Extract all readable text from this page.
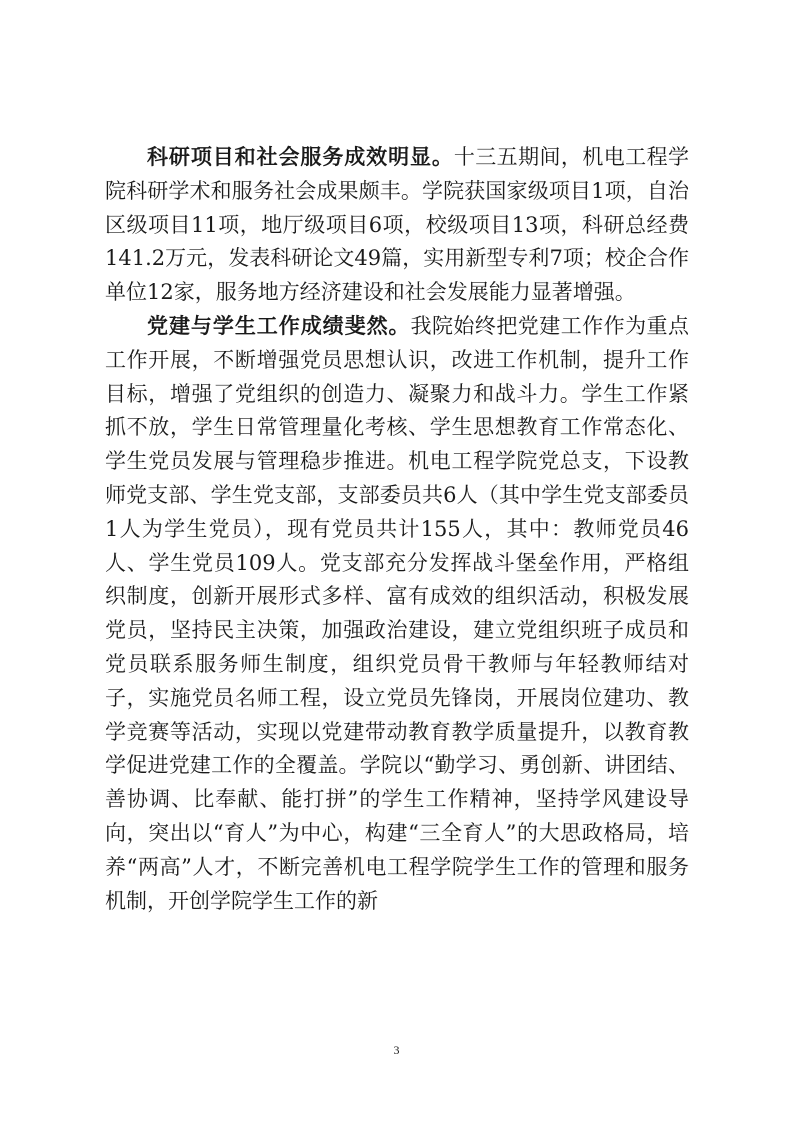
科研项目和社会服务成效明显。十三五期间，机电工程学院科研学术和服务社会成果颇丰。学院获国家级项目1项，自治区级项目11项，地厅级项目6项，校级项目13项，科研总经费141.2万元，发表科研论文49篇，实用新型专利7项；校企合作单位12家，服务地方经济建设和社会发展能力显著增强。

党建与学生工作成绩斐然。我院始终把党建工作作为重点工作开展，不断增强党员思想认识，改进工作机制，提升工作目标，增强了党组织的创造力、凝聚力和战斗力。学生工作紧抓不放，学生日常管理量化考核、学生思想教育工作常态化、学生党员发展与管理稳步推进。机电工程学院党总支，下设教师党支部、学生党支部，支部委员共6人（其中学生党支部委员1人为学生党员），现有党员共计155人，其中：教师党员46人、学生党员109人。党支部充分发挥战斗堡垒作用，严格组织制度，创新开展形式多样、富有成效的组织活动，积极发展党员，坚持民主决策，加强政治建设，建立党组织班子成员和党员联系服务师生制度，组织党员骨干教师与年轻教师结对子，实施党员名师工程，设立党员先锋岗，开展岗位建功、教学竞赛等活动，实现以党建带动教育教学质量提升，以教育教学促进党建工作的全覆盖。学院以“勤学习、勇创新、讲团结、善协调、比奉献、能打拼”的学生工作精神，坚持学风建设导向，突出以“育人”为中心，构建“三全育人”的大思政格局，培养“两高”人才，不断完善机电工程学院学生工作的管理和服务机制，开创学院学生工作的新

3
